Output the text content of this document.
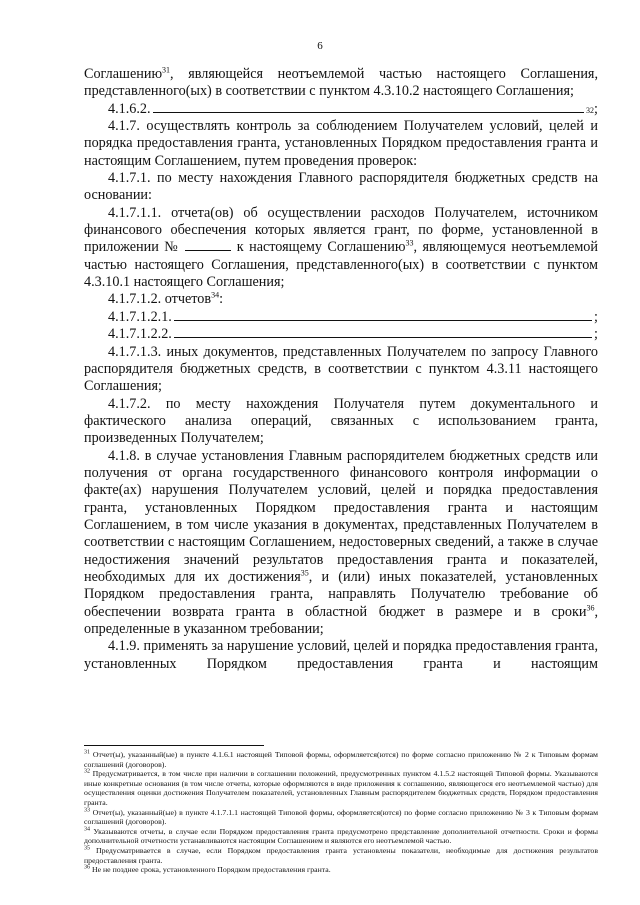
6

Соглашению$^{31}$, являющейся неотъемлемой частью настоящего Соглашения, представленного(ых) в соответствии с пунктом 4.3.10.2 настоящего Соглашения;

4.1.6.2.	32 ;

4.1.7. осуществлять контроль за соблюдением Получателем условий, целей и порядка предоставления гранта, установленных Порядком предоставления гранта и настоящим Соглашением, путем проведения проверок:

4.1.7.1. по месту нахождения Главного распорядителя бюджетных средств на основании:

4.1.7.1.1. отчета(ов) об осуществлении расходов Получателем, источником финансового обеспечения которых является грант, по форме, установленной в приложении №	к настоящему Соглашению$^{33}$, являющемуся неотъемлемой частью настоящего Соглашения, представленного(ых) в соответствии с пунктом 4.3.10.1 настоящего Соглашения;

4.1.7.1.2. отчетов$^{34}$:

4.1.7.1.2.1.	;
4.1.7.1.2.2.	;

4.1.7.1.3. иных документов, представленных Получателем по запросу Главного распорядителя бюджетных средств, в соответствии с пунктом 4.3.11 настоящего Соглашения;

4.1.7.2. по месту нахождения Получателя путем документального и фактического анализа операций, связанных с использованием гранта, произведенных Получателем;

4.1.8. в случае установления Главным распорядителем бюджетных средств или получения от органа государственного финансового контроля информации о факте(ах) нарушения Получателем условий, целей и порядка предоставления гранта, установленных Порядком предоставления гранта и настоящим Соглашением, в том числе указания в документах, представленных Получателем в соответствии с настоящим Соглашением, недостоверных сведений, а также в случае недостижения значений результатов предоставления гранта и показателей, необходимых для их достижения$^{35}$, и (или) иных показателей, установленных Порядком предоставления гранта, направлять Получателю требование об обеспечении возврата гранта в областной бюджет в размере и в сроки$^{36}$, определенные в указанном требовании;

4.1.9. применять за нарушение условий, целей и порядка предоставления гранта, установленных Порядком предоставления гранта и настоящим

$^{31}$ Отчет(ы), указанный(ые) в пункте 4.1.6.1 настоящей Типовой формы, оформляется(ются) по форме согласно приложению № 2 к Типовым формам соглашений (договоров).

$^{32}$ Предусматривается, в том числе при наличии в соглашении положений, предусмотренных пунктом 4.1.5.2 настоящей Типовой формы. Указываются иные конкретные основания (в том числе отчеты, которые оформляются в виде приложения к соглашению, являющегося его неотъемлемой частью) для осуществления оценки достижения Получателем показателей, установленных Главным распорядителем бюджетных средств, Порядком предоставления гранта.

$^{33}$ Отчет(ы), указанный(ые) в пункте 4.1.7.1.1 настоящей Типовой формы, оформляется(ются) по форме согласно приложению № 3 к Типовым формам соглашений (договоров).

$^{34}$ Указываются отчеты, в случае если Порядком предоставления гранта предусмотрено представление дополнительной отчетности. Сроки и формы дополнительной отчетности устанавливаются настоящим Соглашением и являются его неотъемлемой частью.

$^{35}$ Предусматривается в случае, если Порядком предоставления гранта установлены показатели, необходимые для достижения результатов предоставления гранта.

$^{36}$ Не не позднее срока, установленного Порядком предоставления гранта.
